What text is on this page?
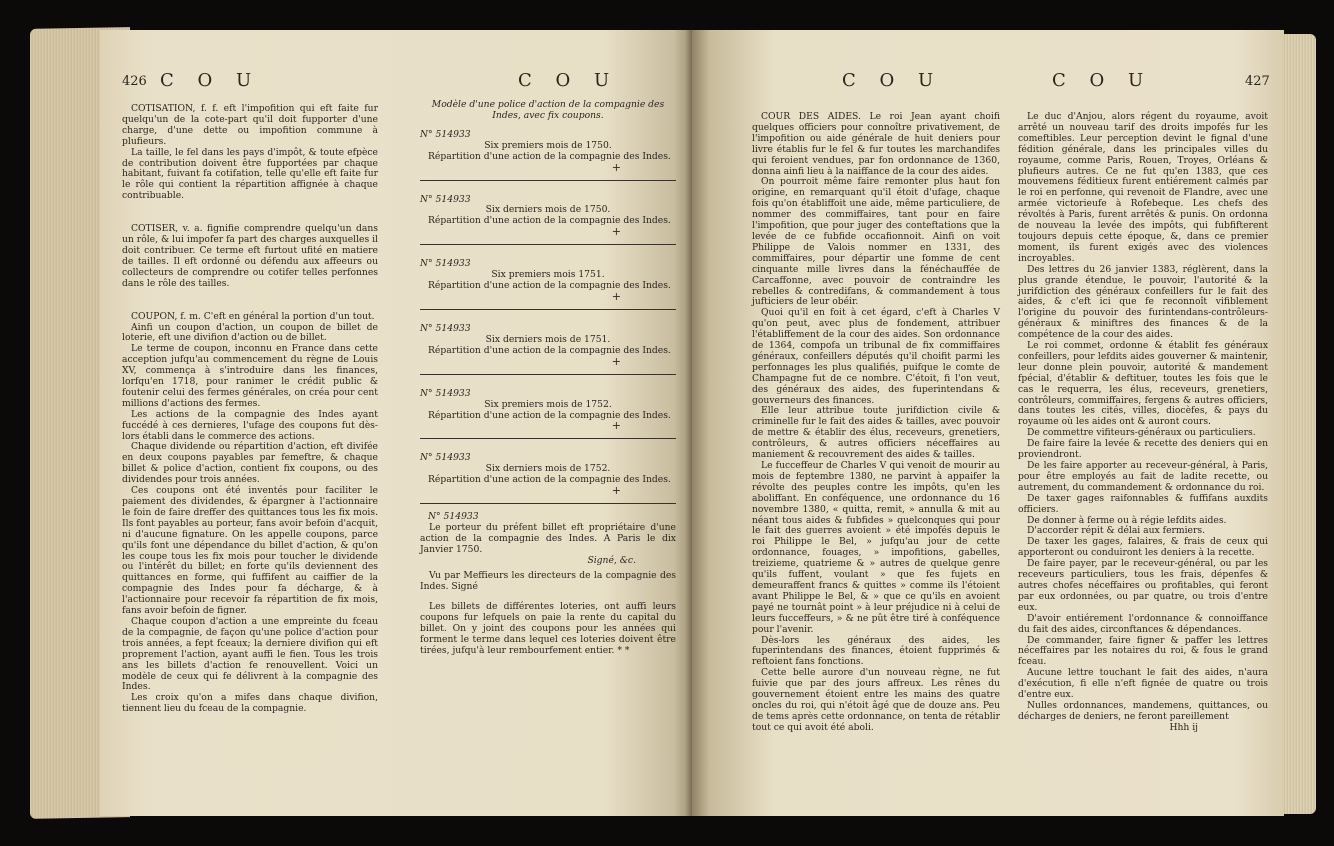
426 C O U	C O U

COTISATION, f. f. eft l'impofition qui eft faite fur quelqu'un de la cote-part qu'il doit fupporter d'une charge, d'une dette ou impofition commune à plufieurs.

La taille, le fel dans les pays d'impôt, & toute efpèce de contribution doivent être fupportées par chaque habitant, fuivant fa cotifation, telle qu'elle eft faite fur le rôle qui contient la répartition affignée à chaque contribuable.

COTISER, v. a. fignifie comprendre quelqu'un dans un rôle, & lui impofer fa part des charges auxquelles il doit contribuer. Ce terme eft furtout ufité en matiere de tailles. Il eft ordonné ou défendu aux affeeurs ou collecteurs de comprendre ou cotifer telles perfonnes dans le rôle des tailles.

COUPON, f. m. C'eft en général la portion d'un tout.

Ainfi un coupon d'action, un coupon de billet de loterie, eft une divifion d'action ou de billet.

Le terme de coupon, inconnu en France dans cette acception jufqu'au commencement du règne de Louis XV, commença à s'introduire dans les finances, lorfqu'en 1718, pour ranimer le crédit public & foutenir celui des fermes générales, on créa pour cent millions d'actions des fermes.

Les actions de la compagnie des Indes ayant fuccédé à ces dernieres, l'ufage des coupons fut dès-lors établi dans le commerce des actions.

Chaque dividende ou répartition d'action, eft divifée en deux coupons payables par femeftre, & chaque billet & police d'action, contient fix coupons, ou des dividendes pour trois années.

Ces coupons ont été inventés pour faciliter le paiement des dividendes, & épargner à l'actionnaire le foin de faire dreffer des quittances tous les fix mois. Ils font payables au porteur, fans avoir befoin d'acquit, ni d'aucune fignature. On les appelle coupons, parce qu'ils font une dépendance du billet d'action, & qu'on les coupe tous les fix mois pour toucher le dividende ou l'intérêt du billet; en forte qu'ils deviennent des quittances en forme, qui fuffifent au caiffier de la compagnie des Indes pour fa décharge, & à l'actionnaire pour recevoir fa répartition de fix mois, fans avoir befoin de figner.

Chaque coupon d'action a une empreinte du fceau de la compagnie, de façon qu'une police d'action pour trois années, a fept fceaux; la derniere divifion qui eft proprement l'action, ayant auffi le fien. Tous les trois ans les billets d'action fe renouvellent. Voici un modèle de ceux qui fe délivrent à la compagnie des Indes.

Les croix qu'on a mifes dans chaque divifion, tiennent lieu du fceau de la compagnie.

Modèle d'une police d'action de la compagnie des Indes, avec fix coupons.

N° 514933
Six premiers mois de 1750.
Répartition d'une action de la compagnie des Indes.
+
N° 514933
Six derniers mois de 1750.
Répartition d'une action de la compagnie des Indes.
+
N° 514933
Six premiers mois 1751.
Répartition d'une action de la compagnie des Indes.
+
N° 514933
Six derniers mois de 1751.
Répartition d'une action de la compagnie des Indes.
+
N° 514933
Six premiers mois de 1752.
Répartition d'une action de la compagnie des Indes.
+
N° 514933
Six derniers mois de 1752.
Répartition d'une action de la compagnie des Indes.
+

N° 514933

Le porteur du préfent billet eft propriétaire d'une action de la compagnie des Indes. A Paris le dix Janvier 1750.

Signé, &c.

Vu par Meffieurs les directeurs de la compagnie des Indes. Signé

Les billets de différentes loteries, ont auffi leurs coupons fur lefquels on paie la rente du capital du billet. On y joint des coupons pour les années qui forment le terme dans lequel ces loteries doivent être tirées, jufqu'à leur rembourfement entier. * *

C O U	C O U	427

COUR DES AIDES. Le roi Jean ayant choifi quelques officiers pour connoître privativement, de l'impofition ou aide générale de huit deniers pour livre établis fur le fel & fur toutes les marchandifes qui feroient vendues, par fon ordonnance de 1360, donna ainfi lieu à la naiffance de la cour des aides.

On pourroit même faire remonter plus haut fon origine, en remarquant qu'il étoit d'ufage, chaque fois qu'on établiffoit une aide, même particuliere, de nommer des commiffaires, tant pour en faire l'impofition, que pour juger des conteftations que la levée de ce fubfide occafionnoit. Ainfi on voit Philippe de Valois nommer en 1331, des commiffaires, pour départir une fomme de cent cinquante mille livres dans la fénéchauffée de Carcaffonne, avec pouvoir de contraindre les rebelles & contredifans, & commandement à tous jufticiers de leur obéir.

Quoi qu'il en foit à cet égard, c'eft à Charles V qu'on peut, avec plus de fondement, attribuer l'établiffement de la cour des aides. Son ordonnance de 1364, compofa un tribunal de fix commiffaires généraux, confeillers députés qu'il choifit parmi les perfonnages les plus qualifiés, puifque le comte de Champagne fut de ce nombre. C'étoit, fi l'on veut, des généraux des aides, des fuperintendans & gouverneurs des finances.

Elle leur attribue toute jurifdiction civile & criminelle fur le fait des aides & tailles, avec pouvoir de mettre & établir des élus, receveurs, grenetiers, contrôleurs, & autres officiers néceffaires au maniement & recouvrement des aides & tailles.

Le fucceffeur de Charles V qui venoit de mourir au mois de feptembre 1380, ne parvint à appaifer la révolte des peuples contre les impôts, qu'en les aboliffant. En conféquence, une ordonnance du 16 novembre 1380, « quitta, remit, » annulla & mit au néant tous aides & fubfides » quelconques qui pour le fait des guerres avoient » été impofés depuis le roi Philippe le Bel, » jufqu'au jour de cette ordonnance, fouages, » impofitions, gabelles, treizieme, quatrieme & » autres de quelque genre qu'ils fuffent, voulant » que fes fujets en demeuraffent francs & quittes » comme ils l'étoient avant Philippe le Bel, & » que ce qu'ils en avoient payé ne tournât point » à leur préjudice ni à celui de leurs fucceffeurs, » & ne pût être tiré à conféquence pour l'avenir.

Dès-lors les généraux des aides, les fuperintendans des finances, étoient fupprimés & reftoient fans fonctions.

Cette belle aurore d'un nouveau règne, ne fut fuivie que par des jours affreux. Les rênes du gouvernement étoient entre les mains des quatre oncles du roi, qui n'étoit âgé que de douze ans. Peu de tems après cette ordonnance, on tenta de rétablir tout ce qui avoit été aboli.

Le duc d'Anjou, alors régent du royaume, avoit arrêté un nouveau tarif des droits impofés fur les comeftibles. Leur perception devint le fignal d'une fédition générale, dans les principales villes du royaume, comme Paris, Rouen, Troyes, Orléans & plufieurs autres. Ce ne fut qu'en 1383, que ces mouvemens féditieux furent entiérement calmés par le roi en perfonne, qui revenoit de Flandre, avec une armée victorieufe à Rofebeque. Les chefs des révoltés à Paris, furent arrêtés & punis. On ordonna de nouveau la levée des impôts, qui fubfifterent toujours depuis cette époque, &, dans ce premier moment, ils furent exigés avec des violences incroyables.

Des lettres du 26 janvier 1383, réglèrent, dans la plus grande étendue, le pouvoir, l'autorité & la jurifdiction des généraux confeillers fur le fait des aides, & c'eft ici que fe reconnoît vifiblement l'origine du pouvoir des furintendans-contrôleurs-généraux & miniftres des finances & de la compétence de la cour des aides.

Le roi commet, ordonne & établit fes généraux confeillers, pour lefdits aides gouverner & maintenir, leur donne plein pouvoir, autorité & mandement fpécial, d'établir & deftituer, toutes les fois que le cas le requerra, les élus, receveurs, grenetiers, contrôleurs, commiffaires, fergens & autres officiers, dans toutes les cités, villes, diocèfes, & pays du royaume où les aides ont & auront cours.

De commettre vifiteurs-généraux ou particuliers.

De faire faire la levée & recette des deniers qui en proviendront.

De les faire apporter au receveur-général, à Paris, pour être employés au fait de ladite recette, ou autrement, du commandement & ordonnance du roi.

De taxer gages raifonnables & fuffifans auxdits officiers.

De donner à ferme ou à régie lefdits aides.

D'accorder répit & délai aux fermiers.

De taxer les gages, falaires, & frais de ceux qui apporteront ou conduiront les deniers à la recette.

De faire payer, par le receveur-général, ou par les receveurs particuliers, tous les frais, dépenfes & autres chofes néceffaires ou profitables, qui feront par eux ordonnées, ou par quatre, ou trois d'entre eux.

D'avoir entiérement l'ordonnance & connoiffance du fait des aides, circonftances & dépendances.

De commander, faire figner & paffer les lettres néceffaires par les notaires du roi, & fous le grand fceau.

Aucune lettre touchant le fait des aides, n'aura d'exécution, fi elle n'eft fignée de quatre ou trois d'entre eux.

Nulles ordonnances, mandemens, quittances, ou décharges de deniers, ne feront pareillement

Hhh ij
